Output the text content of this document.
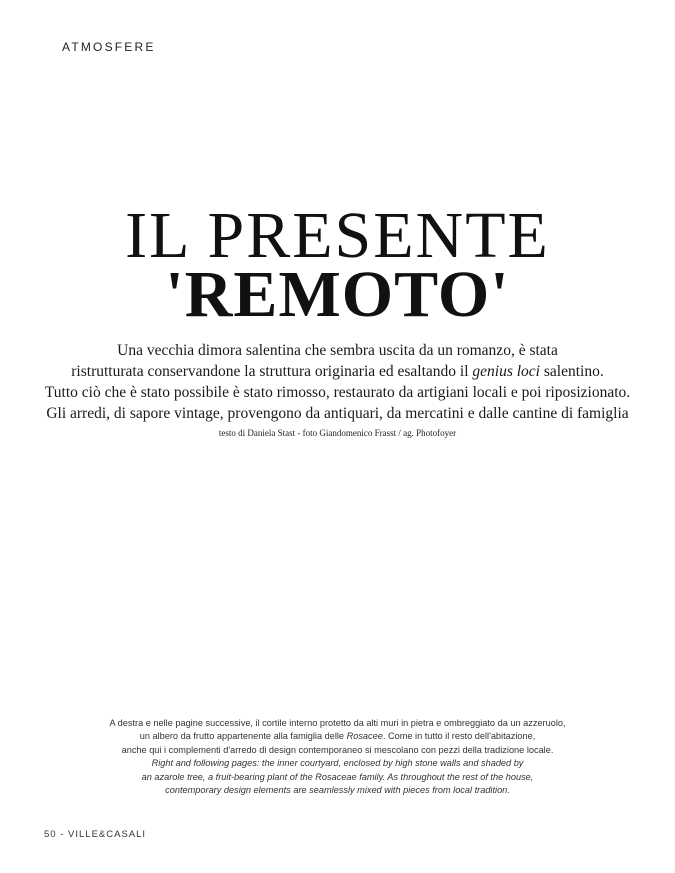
ATMOSFERE
IL PRESENTE
'REMOTO'
Una vecchia dimora salentina che sembra uscita da un romanzo, è stata
ristrutturata conservandone la struttura originaria ed esaltando il genius loci salentino.
Tutto ciò che è stato possibile è stato rimosso, restaurato da artigiani locali e poi riposizionato.
Gli arredi, di sapore vintage, provengono da antiquari, da mercatini e dalle cantine di famiglia
testo di Daniela Stast - foto Giandomenico Frasst / ag. Photofoyer
A destra e nelle pagine successive, il cortile interno protetto da alti muri in pietra e ombreggiato da un azzeruolo,
un albero da frutto appartenente alla famiglia delle Rosacee. Come in tutto il resto dell'abitazione,
anche qui i complementi d'arredo di design contemporaneo si mescolano con pezzi della tradizione locale.
Right and following pages: the inner courtyard, enclosed by high stone walls and shaded by
an azarole tree, a fruit-bearing plant of the Rosaceae family. As throughout the rest of the house,
contemporary design elements are seamlessly mixed with pieces from local tradition.
50 - VILLE&CASALI
